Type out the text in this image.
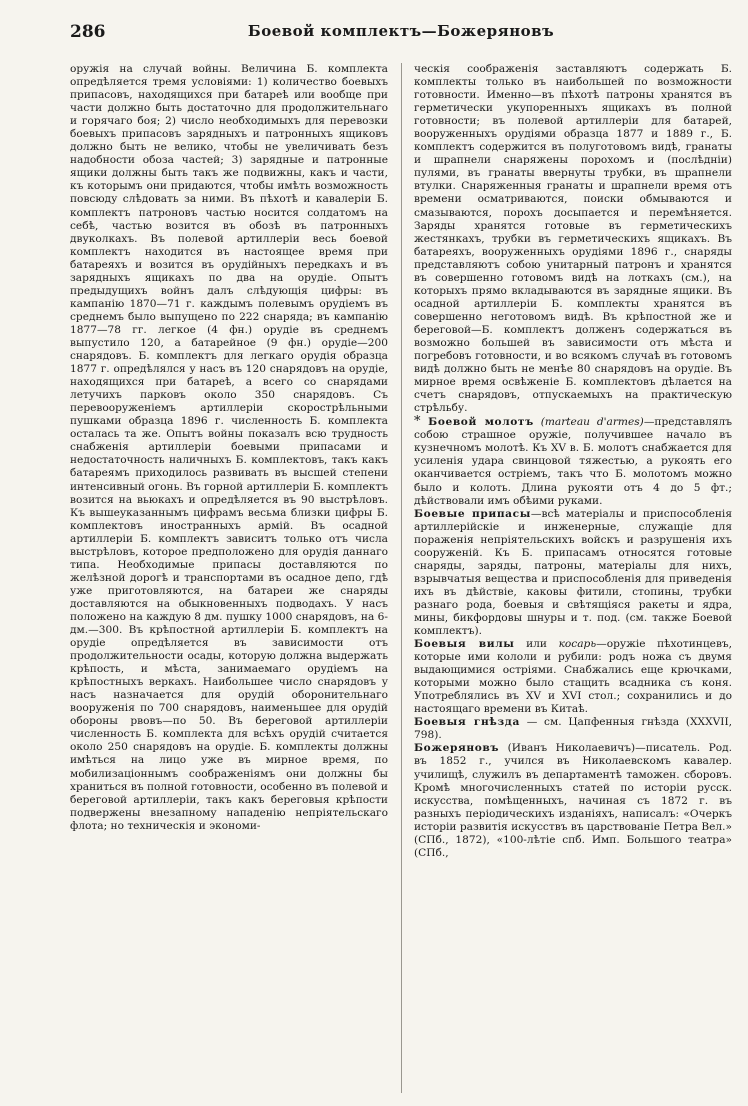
286	Боевой комплектъ—Божеряновъ

оружія на случай войны. Величина Б. комплекта опредѣляется тремя условіями: 1) количество боевыхъ припасовъ, находящихся при батареѣ или вообще при части должно быть достаточно для продолжительнаго и горячаго боя; 2) число необходимыхъ для перевозки боевыхъ припасовъ зарядныхъ и патронныхъ ящиковъ должно быть не велико, чтобы не увеличивать безъ надобности обоза частей; 3) зарядные и патронные ящики должны быть такъ же подвижны, какъ и части, къ которымъ они придаются, чтобы имѣть возможность повсюду слѣдовать за ними. Въ пѣхотѣ и кавалеріи Б. комплектъ патроновъ частью носится солдатомъ на себѣ, частью возится въ обозѣ въ патронныхъ двуколкахъ. Въ полевой артиллеріи весь боевой комплектъ находится въ настоящее время при батареяхъ и возится въ орудійныхъ передкахъ и въ зарядныхъ ящикахъ по два на орудіе. Опытъ предыдущихъ войнъ далъ слѣдующія цифры: въ кампанію 1870—71 г. каждымъ полевымъ орудіемъ въ среднемъ было выпущено по 222 снаряда; въ кампанію 1877—78 гг. легкое (4 фн.) орудіе въ среднемъ выпустило 120, а батарейное (9 фн.) орудіе—200 снарядовъ. Б. комплектъ для легкаго орудія образца 1877 г. опредѣлялся у насъ въ 120 снарядовъ на орудіе, находящихся при батареѣ, а всего со снарядами летучихъ парковъ около 350 снарядовъ. Съ перевооруженіемъ артиллеріи скорострѣльными пушками образца 1896 г. численность Б. комплекта осталась та же. Опытъ войны показалъ всю трудность снабженія артиллеріи боевыми припасами и недостаточность наличныхъ Б. комплектовъ, такъ какъ батареямъ приходилось развивать въ высшей степени интенсивный огонь. Въ горной артиллеріи Б. комплектъ возится на вьюкахъ и опредѣляется въ 90 выстрѣловъ. Къ вышеуказаннымъ цифрамъ весьма близки цифры Б. комплектовъ иностранныхъ армій. Въ осадной артиллеріи Б. комплектъ зависитъ только отъ числа выстрѣловъ, которое предположено для орудія даннаго типа. Необходимые припасы доставляются по желѣзной дорогѣ и транспортами въ осадное депо, гдѣ уже приготовляются, на батареи же снаряды доставляются на обыкновенныхъ подводахъ. У насъ положено на каждую 8 дм. пушку 1000 снарядовъ, на 6-дм.—300. Въ крѣпостной артиллеріи Б. комплектъ на орудіе опредѣляется въ зависимости отъ продолжительности осады, которую должна выдержать крѣпость, и мѣста, занимаемаго орудіемъ на крѣпостныхъ веркахъ. Наибольшее число снарядовъ у насъ назначается для орудій оборонительнаго вооруженія по 700 снарядовъ, наименьшее для орудій обороны рвовъ—по 50. Въ береговой артиллеріи численность Б. комплекта для всѣхъ орудій считается около 250 снарядовъ на орудіе. Б. комплекты должны имѣться на лицо уже въ мирное время, по мобилизаціоннымъ соображеніямъ они должны бы храниться въ полной готовности, особенно въ полевой и береговой артиллеріи, такъ какъ береговыя крѣпости подвержены внезапному нападенію непріятельскаго флота; но техническія и экономи-

ческія соображенія заставляютъ содержать Б. комплекты только въ наибольшей по возможности готовности. Именно—въ пѣхотѣ патроны хранятся въ герметически укупоренныхъ ящикахъ въ полной готовности; въ полевой артиллеріи для батарей, вооруженныхъ орудіями образца 1877 и 1889 г., Б. комплектъ содержится въ полуготовомъ видѣ, гранаты и шрапнели снаряжены порохомъ и (послѣдніи) пулями, въ гранаты ввернуты трубки, въ шрапнели втулки. Снаряженныя гранаты и шрапнели время отъ времени осматриваются, поиски обмываются и смазываются, порохъ досыпается и перемѣняется. Заряды хранятся готовые въ герметическихъ жестянкахъ, трубки въ герметическихъ ящикахъ. Въ батареяхъ, вооруженныхъ орудіями 1896 г., снаряды представляютъ собою унитарный патронъ и хранятся въ совершенно готовомъ видѣ на лоткахъ (см.), на которыхъ прямо вкладываются въ зарядные ящики. Въ осадной артиллеріи Б. комплекты хранятся въ совершенно неготовомъ видѣ. Въ крѣпостной же и береговой—Б. комплектъ долженъ содержаться въ возможно большей въ зависимости отъ мѣста и погребовъ готовности, и во всякомъ случаѣ въ готовомъ видѣ должно быть не менѣе 80 снарядовъ на орудіе. Въ мирное время освѣженіе Б. комплектовъ дѣлается на счетъ снарядовъ, отпускаемыхъ на практическую стрѣльбу.

* Боевой молотъ (marteau d'armes)—представлялъ собою страшное оружіе, получившее начало въ кузнечномъ молотѣ. Къ XV в. Б. молотъ снабжается для усиленія удара свинцовой тяжестью, а рукоять его оканчивается остріемъ, такъ что Б. молотомъ можно было и колоть. Длина рукояти отъ 4 до 5 фт.; дѣйствовали имъ обѣими руками.

Боевые припасы—всѣ матеріалы и приспособленія артиллерійскіе и инженерные, служащіе для пораженія непріятельскихъ войскъ и разрушенія ихъ сооруженій. Къ Б. припасамъ относятся готовые снаряды, заряды, патроны, матеріалы для нихъ, взрывчатыя вещества и приспособленія для приведенія ихъ въ дѣйствіе, каковы фитили, стопины, трубки разнаго рода, боевыя и свѣтящіяся ракеты и ядра, мины, бикфордовы шнуры и т. под. (см. также Боевой комплектъ).

Боевыя вилы или косарь—оружіе пѣхотинцевъ, которые ими кололи и рубили: родъ ножа съ двумя выдающимися остріями. Снабжались еще крючками, которыми можно было стащить всадника съ коня. Употреблялись въ XV и XVI стол.; сохранились и до настоящаго времени въ Китаѣ.

Боевыя гнѣзда — см. Цапфенныя гнѣзда (XXXVII, 798).

Божеряновъ (Иванъ Николаевичъ)—писатель. Род. въ 1852 г., учился въ Николаевскомъ кавалер. училищѣ, служилъ въ департаментѣ таможен. сборовъ. Кромѣ многочисленныхъ статей по исторіи русск. искусства, помѣщенныхъ, начиная съ 1872 г. въ разныхъ періодическихъ изданіяхъ, написалъ: «Очеркъ исторіи развитія искусствъ въ царствованіе Петра Вел.» (СПб., 1872), «100-лѣтіе спб. Имп. Большого театра» (СПб.,
